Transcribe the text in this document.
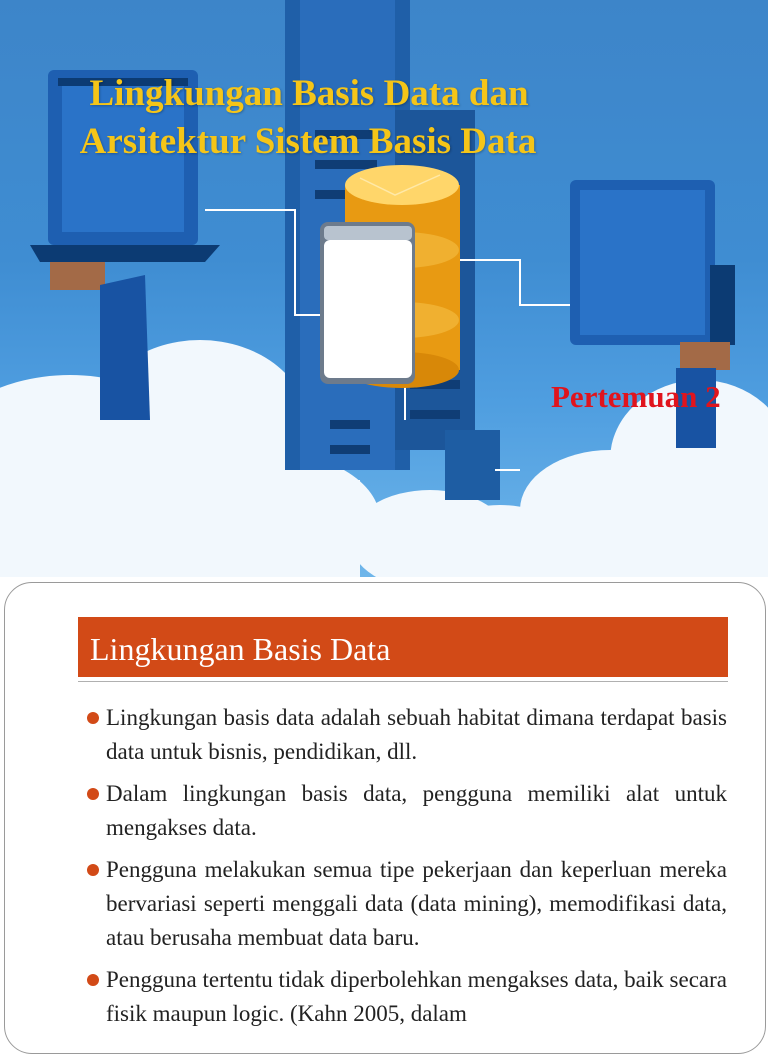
Lingkungan Basis Data dan
Arsitektur Sistem Basis Data

Pertemuan 2

Lingkungan Basis Data
Lingkungan basis data adalah sebuah habitat dimana terdapat basis data untuk bisnis, pendidikan, dll.
Dalam lingkungan basis data, pengguna memiliki alat untuk mengakses data.
Pengguna melakukan semua tipe pekerjaan dan keperluan mereka bervariasi seperti menggali data (data mining), memodifikasi data, atau berusaha membuat data baru.
Pengguna tertentu tidak diperbolehkan mengakses data, baik secara fisik maupun logic. (Kahn 2005, dalam
